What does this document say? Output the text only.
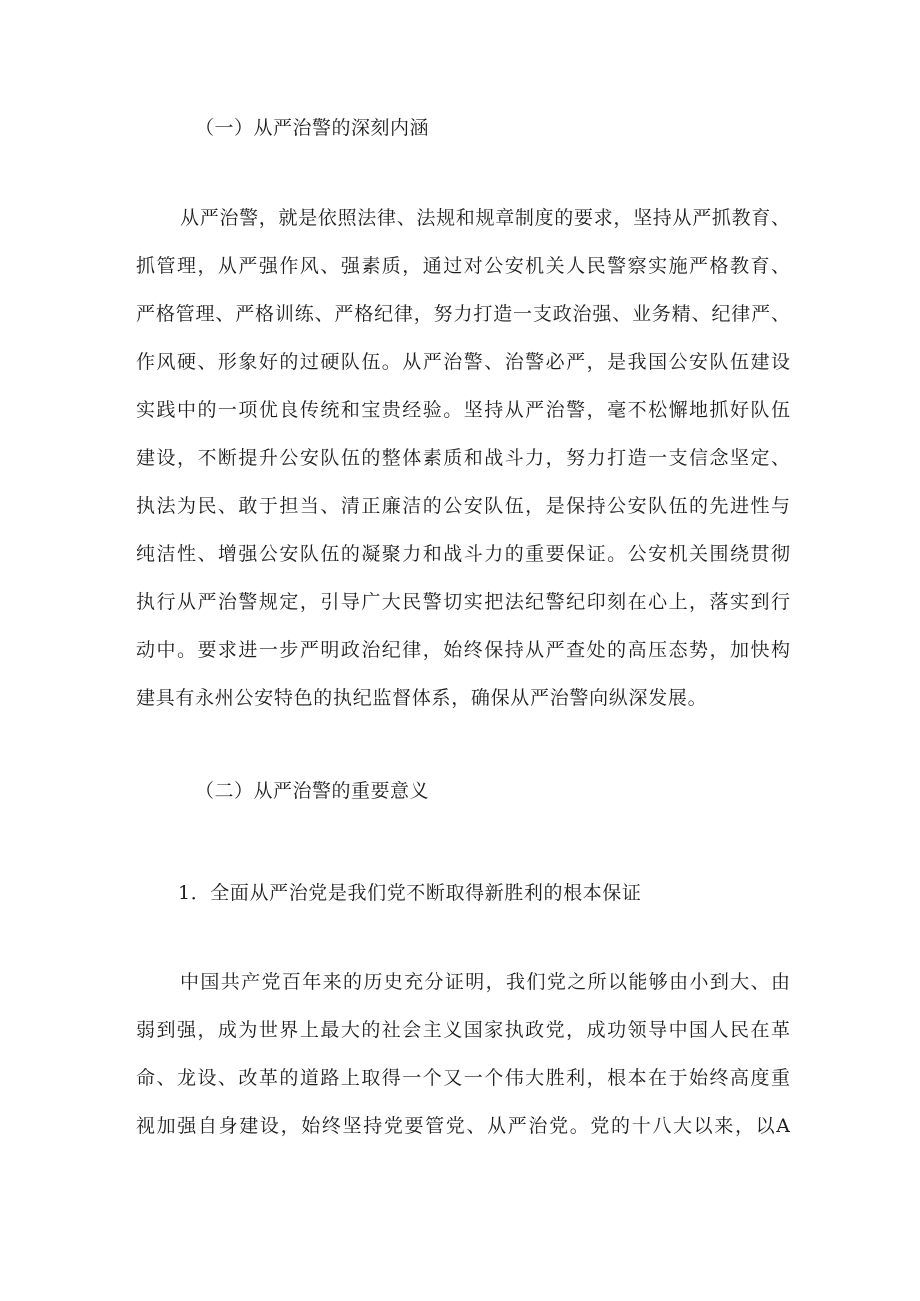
（一）从严治警的深刻内涵
从严治警，就是依照法律、法规和规章制度的要求，坚持从严抓教育、
抓管理，从严强作风、强素质，通过对公安机关人民警察实施严格教育、
严格管理、严格训练、严格纪律，努力打造一支政治强、业务精、纪律严、
作风硬、形象好的过硬队伍。从严治警、治警必严，是我国公安队伍建设
实践中的一项优良传统和宝贵经验。坚持从严治警，毫不松懈地抓好队伍
建设，不断提升公安队伍的整体素质和战斗力，努力打造一支信念坚定、
执法为民、敢于担当、清正廉洁的公安队伍，是保持公安队伍的先进性与
纯洁性、增强公安队伍的凝聚力和战斗力的重要保证。公安机关围绕贯彻
执行从严治警规定，引导广大民警切实把法纪警纪印刻在心上，落实到行
动中。要求进一步严明政治纪律，始终保持从严查处的高压态势，加快构
建具有永州公安特色的执纪监督体系，确保从严治警向纵深发展。
（二）从严治警的重要意义
1．全面从严治党是我们党不断取得新胜利的根本保证
中国共产党百年来的历史充分证明，我们党之所以能够由小到大、由
弱到强，成为世界上最大的社会主义国家执政党，成功领导中国人民在革
命、龙设、改革的道路上取得一个又一个伟大胜利，根本在于始终高度重
视加强自身建设，始终坚持党要管党、从严治党。党的十八大以来，以A
